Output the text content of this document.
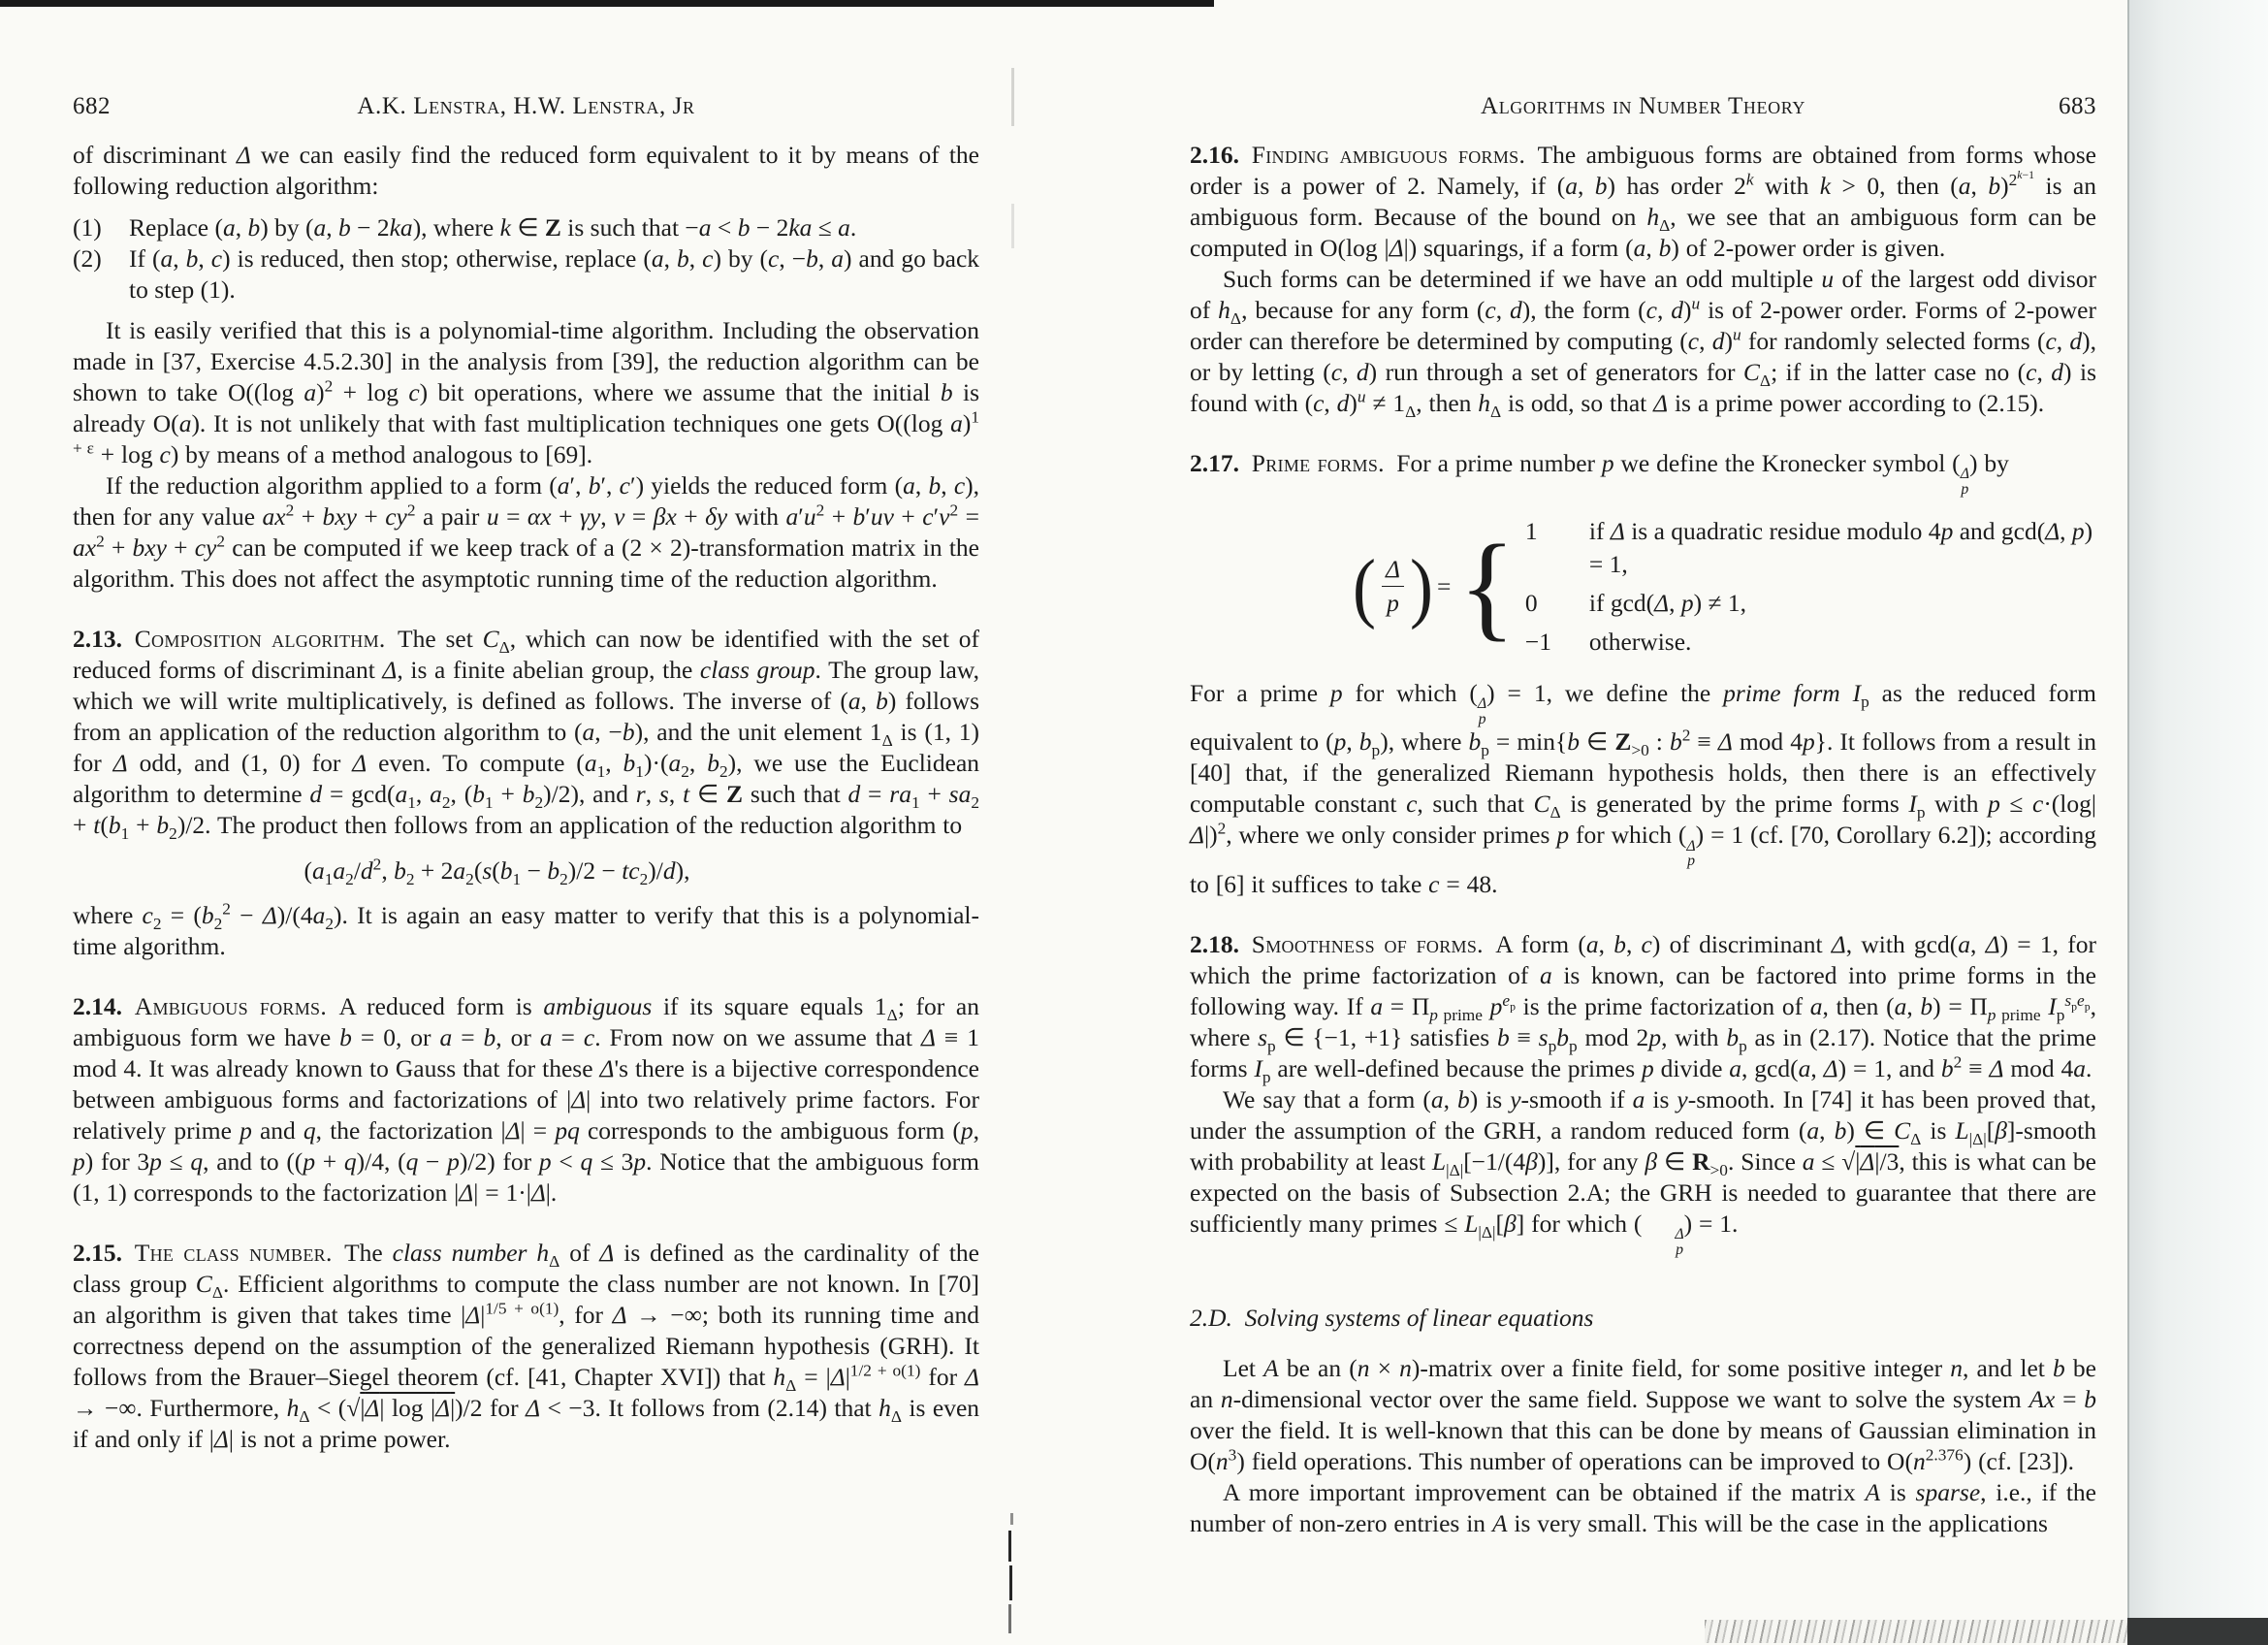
682	A.K. Lenstra, H.W. Lenstra, Jr

of discriminant Δ we can easily find the reduced form equivalent to it by means of the following reduction algorithm:

(1)	Replace (a, b) by (a, b − 2ka), where k ∈ Z is such that −a < b − 2ka ≤ a.
(2)	If (a, b, c) is reduced, then stop; otherwise, replace (a, b, c) by (c, −b, a) and go back to step (1).

It is easily verified that this is a polynomial-time algorithm. Including the observation made in [37, Exercise 4.5.2.30] in the analysis from [39], the reduction algorithm can be shown to take O((log a)$^2$ + log c) bit operations, where we assume that the initial b is already O(a). It is not unlikely that with fast multiplication techniques one gets O((log a)$^{1 + \varepsilon}$ + log c) by means of a method analogous to [69].

If the reduction algorithm applied to a form (a′, b′, c′) yields the reduced form (a, b, c), then for any value $ax^2$ + bxy + $cy^2$ a pair u = αx + γy, v = βx + δy with $a'u^2 + b'uv + c'v^2 = ax^2$ + bxy + $cy^2$ can be computed if we keep track of a (2 × 2)-transformation matrix in the algorithm. This does not affect the asymptotic running time of the reduction algorithm.

2.13.  Composition algorithm. The set $C_\Delta$, which can now be identified with the set of reduced forms of discriminant Δ, is a finite abelian group, the class group. The group law, which we will write multiplicatively, is defined as follows. The inverse of (a, b) follows from an application of the reduction algorithm to (a, −b), and the unit element $1_\Delta$ is (1, 1) for Δ odd, and (1, 0) for Δ even. To compute ($a_1$, $b_1)\cdot(a_2$, $b_2$), we use the Euclidean algorithm to determine $d = \gcd(a_1$, $a_2$, $(b_1 + b_2)/2$), and r, s, t ∈ Z such that $d = ra_1 + sa_2 + t(b_1 + b_2)/2$. The product then follows from an application of the reduction algorithm to

($a_1a_2/d^2$, $b_2 + 2a_2(s(b_1 - b_2)/2 - tc_2)/d$),

where $c_2 = (b_2^2 - \Delta)/(4a_2)$. It is again an easy matter to verify that this is a polynomial-time algorithm.

2.14.  Ambiguous forms. A reduced form is ambiguous if its square equals $1_\Delta$; for an ambiguous form we have b = 0, or a = b, or a = c. From now on we assume that Δ ≡ 1 mod 4. It was already known to Gauss that for these Δ's there is a bijective correspondence between ambiguous forms and factorizations of |Δ| into two relatively prime factors. For relatively prime p and q, the factorization |Δ| = pq corresponds to the ambiguous form (p, p) for 3p ≤ q, and to ((p + q)/4, (q − p)/2) for p < q ≤ 3p. Notice that the ambiguous form (1, 1) corresponds to the factorization |Δ| = 1·|Δ|.

2.15.  The class number. The class number $h_\Delta$ of Δ is defined as the cardinality of the class group $C_\Delta$. Efficient algorithms to compute the class number are not known. In [70] an algorithm is given that takes time $|\Delta|^{1/5 + o(1)}$, for Δ → −∞; both its running time and correctness depend on the assumption of the generalized Riemann hypothesis (GRH). It follows from the Brauer–Siegel theorem (cf. [41, Chapter XVI]) that $h_\Delta = |\Delta|^{1/2 + o(1)}$ for Δ → −∞. Furthermore, $h_\Delta < (√|\Delta|$ log |Δ|)/2 for Δ < −3. It follows from (2.14) that $h_\Delta$ is even if and only if |Δ| is not a prime power.

Algorithms in Number Theory	683

2.16.  Finding ambiguous forms. The ambiguous forms are obtained from forms whose order is a power of 2. Namely, if (a, b) has order 2$^k$ with k > 0, then (a, b)$^{2^{k-1}}$ is an ambiguous form. Because of the bound on $h_\Delta$, we see that an ambiguous form can be computed in O(log |Δ|) squarings, if a form (a, b) of 2-power order is given.

Such forms can be determined if we have an odd multiple u of the largest odd divisor of $h_\Delta$, because for any form (c, d), the form (c, d)$^u$ is of 2-power order. Forms of 2-power order can therefore be determined by computing (c, d)$^u$ for randomly selected forms (c, d), or by letting (c, d) run through a set of generators for $C_\Delta$; if in the latter case no (c, d) is found with (c, $d)^u \ne 1_\Delta$, then $h_\Delta$ is odd, so that Δ is a prime power according to (2.15).

2.17.  Prime forms. For a prime number p we define the Kronecker symbol ( Δ
p
) by

( $\frac{\Delta}{p}$ ) = { 1	if Δ is a quadratic residue modulo 4p and gcd(Δ, p) = 1,
0	if gcd(Δ, p) ≠ 1,
−1	otherwise.

For a prime p for which ( Δ
p
) = 1, we define the prime form $I_p$ as the reduced form equivalent to (p, $b_p$), where $b_p = \min\{b$ ∈ $Z_{>0}$ : $b^2 \equiv \Delta$ mod 4p}. It follows from a result in [40] that, if the generalized Riemann hypothesis holds, then there is an effectively computable constant c, such that $C_\Delta$ is generated by the prime forms $I_p$ with $p \le c\cdot(\log|\Delta|)^2$, where we only consider primes p for which ( Δ
p
) = 1 (cf. [70, Corollary 6.2]); according to [6] it suffices to take c = 48.

2.18.  Smoothness of forms. A form (a, b, c) of discriminant Δ, with gcd(a, Δ) = 1, for which the prime factorization of a is known, can be factored into prime forms in the following way. If $a = \Pi_{p prime}$ $p^{e_p}$ is the prime factorization of a, then (a, $b) = \Pi_{p prime}$ $I_p^{s_pe_p}$, where $s_p$ ∈ {−1, +1} satisfies $b \equiv s_pb_p$ mod 2p, with $b_p$ as in (2.17). Notice that the prime forms $I_p$ are well-defined because the primes p divide a, gcd(a, Δ) = 1, and $b^2 \equiv \Delta$ mod 4a.

We say that a form (a, b) is y-smooth if a is y-smooth. In [74] it has been proved that, under the assumption of the GRH, a random reduced form (a, b) ∈ $C_\Delta$ is $L_{|\Delta|}[\beta]$-smooth with probability at least $L_{|\Delta|}[-1/(4\beta)]$, for any β ∈ $R_{>0}$. Since a ≤ √|Δ|/3, this is what can be expected on the basis of Subsection 2.A; the GRH is needed to guarantee that there are sufficiently many primes ≤ $L_{|\Delta|}[\beta]$ for which (	Δ
p
) = 1.

2.D. Solving systems of linear equations

Let A be an (n × n)-matrix over a finite field, for some positive integer n, and let b be an n-dimensional vector over the same field. Suppose we want to solve the system Ax = b over the field. It is well-known that this can be done by means of Gaussian elimination in $O(n^3)$ field operations. This number of operations can be improved to $O(n^{2.376})$ (cf. [23]).

A more important improvement can be obtained if the matrix A is sparse, i.e., if the number of non-zero entries in A is very small. This will be the case in the applications
